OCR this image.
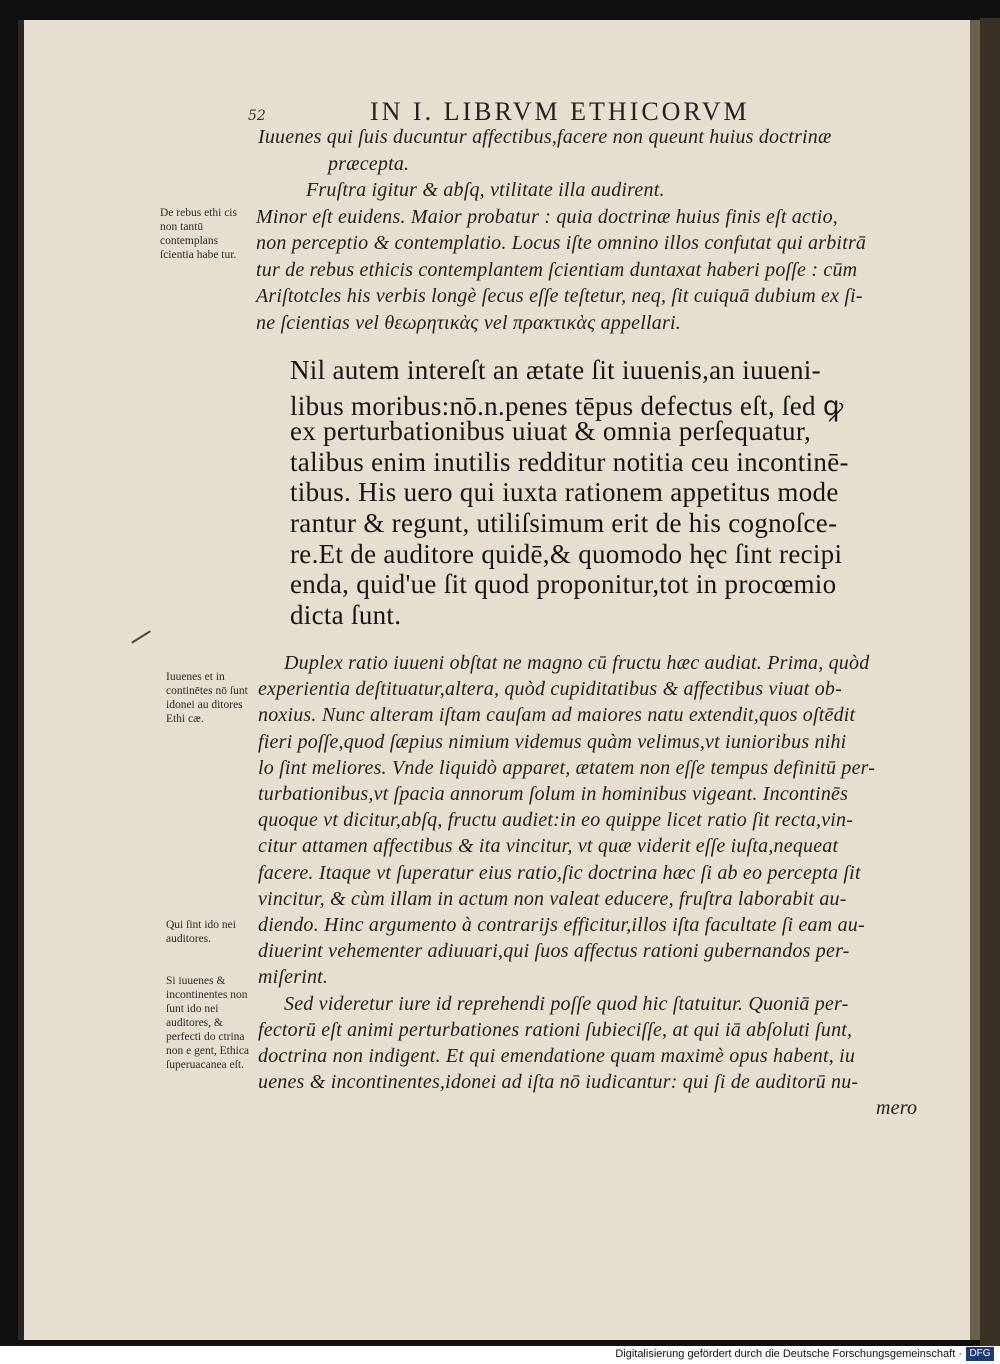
52	IN I. LIBRVM ETHICORVM
Iuuenes qui ſuis ducuntur affectibus,facere non queunt huius doctrinæ
præcepta.
Fruſtra igitur & abſq, vtilitate illa audirent.
Minor eſt euidens. Maior probatur : quia doctrinæ huius finis eſt actio,
non perceptio & contemplatio. Locus iſte omnino illos confutat qui arbitrā
tur de rebus ethicis contemplantem ſcientiam duntaxat haberi poſſe : cūm
Ariſtotcles his verbis longè ſecus eſſe teſtetur, neq, ſit cuiquā dubium ex ſi-
ne ſcientias vel θεωρητικὰς vel πρακτικὰς appellari.
Nil autem intereſt an ætate ſit iuuenis,an iuueni-
libus moribus:nō.n.penes tēpus defectus eſt, ſed ꝙ
ex perturbationibus uiuat & omnia perſequatur,
talibus enim inutilis redditur notitia ceu incontinē-
tibus. His uero qui iuxta rationem appetitus mode
rantur & regunt, utiliſsimum erit de his cognoſce-
re.Et de auditore quidē,& quomodo hęc ſint recipi
enda, quid'ue ſit quod proponitur,tot in procœmio
dicta ſunt.
Duplex ratio iuueni obſtat ne magno cū fructu hæc audiat. Prima, quòd
experientia deſtituatur,altera, quòd cupiditatibus & affectibus viuat ob-
noxius. Nunc alteram iſtam cauſam ad maiores natu extendit,quos oſtēdit
fieri poſſe,quod ſæpius nimium videmus quàm velimus,vt iunioribus nihi
lo ſint meliores. Vnde liquidò apparet, ætatem non eſſe tempus definitū per-
turbationibus,vt ſpacia annorum ſolum in hominibus vigeant. Incontinēs
quoque vt dicitur,abſq, fructu audiet:in eo quippe licet ratio ſit recta,vin-
citur attamen affectibus & ita vincitur, vt quæ viderit eſſe iuſta,nequeat
facere. Itaque vt ſuperatur eius ratio,ſic doctrina hæc ſi ab eo percepta ſit
vincitur, & cùm illam in actum non valeat educere, fruſtra laborabit au-
diendo. Hinc argumento à contrarijs efficitur,illos iſta facultate ſi eam au-
diuerint vehementer adiuuari,qui ſuos affectus rationi gubernandos per-
miſerint.
Sed videretur iure id reprehendi poſſe quod hic ſtatuitur. Quoniā per-
fectorū eſt animi perturbationes rationi ſubieciſſe, at qui iā abſoluti ſunt,
doctrina non indigent. Et qui emendatione quam maximè opus habent, iu
uenes & incontinentes,idonei ad iſta nō iudicantur: qui ſi de auditorū nu-
mero
De rebus ethi cis non tantū contemplans ſcientia habe tur.
Iuuenes et in continētes nō ſunt idonei au ditores Ethi cæ.
Qui ſint ido nei auditores.
Si iuuenes & incontinentes non ſunt ido nei auditores, & perfecti do ctrina non e gent, Ethica ſuperuacanea eſt.
Digitalisierung gefördert durch die Deutsche Forschungsgemeinschaft · DFG
